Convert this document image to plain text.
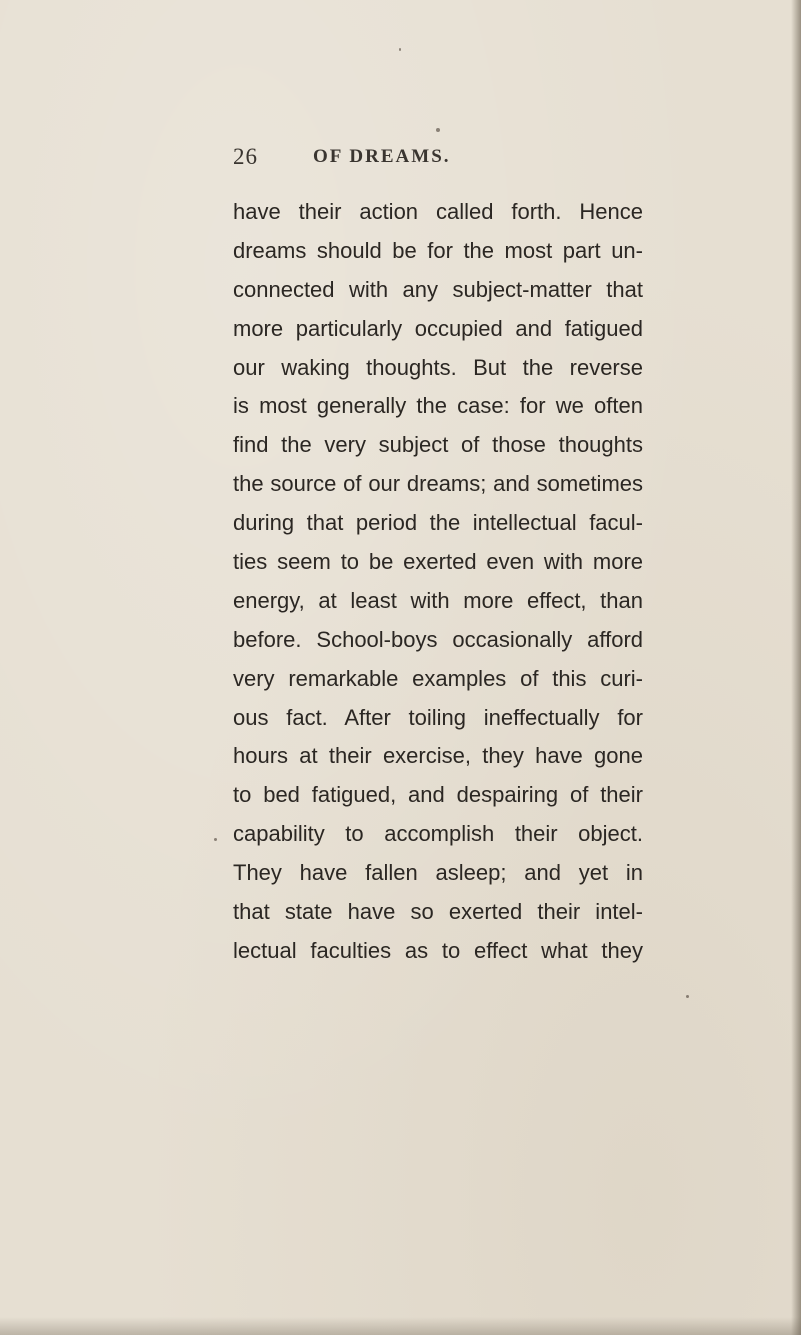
26	OF DREAMS.
have their action called forth. Hence
dreams should be for the most part un-
connected with any subject-matter that
more particularly occupied and fatigued
our waking thoughts. But the reverse
is most generally the case: for we often
find the very subject of those thoughts
the source of our dreams; and sometimes
during that period the intellectual facul-
ties seem to be exerted even with more
energy, at least with more effect, than
before. School-boys occasionally afford
very remarkable examples of this curi-
ous fact. After toiling ineffectually for
hours at their exercise, they have gone
to bed fatigued, and despairing of their
capability to accomplish their object.
They have fallen asleep; and yet in
that state have so exerted their intel-
lectual faculties as to effect what they
